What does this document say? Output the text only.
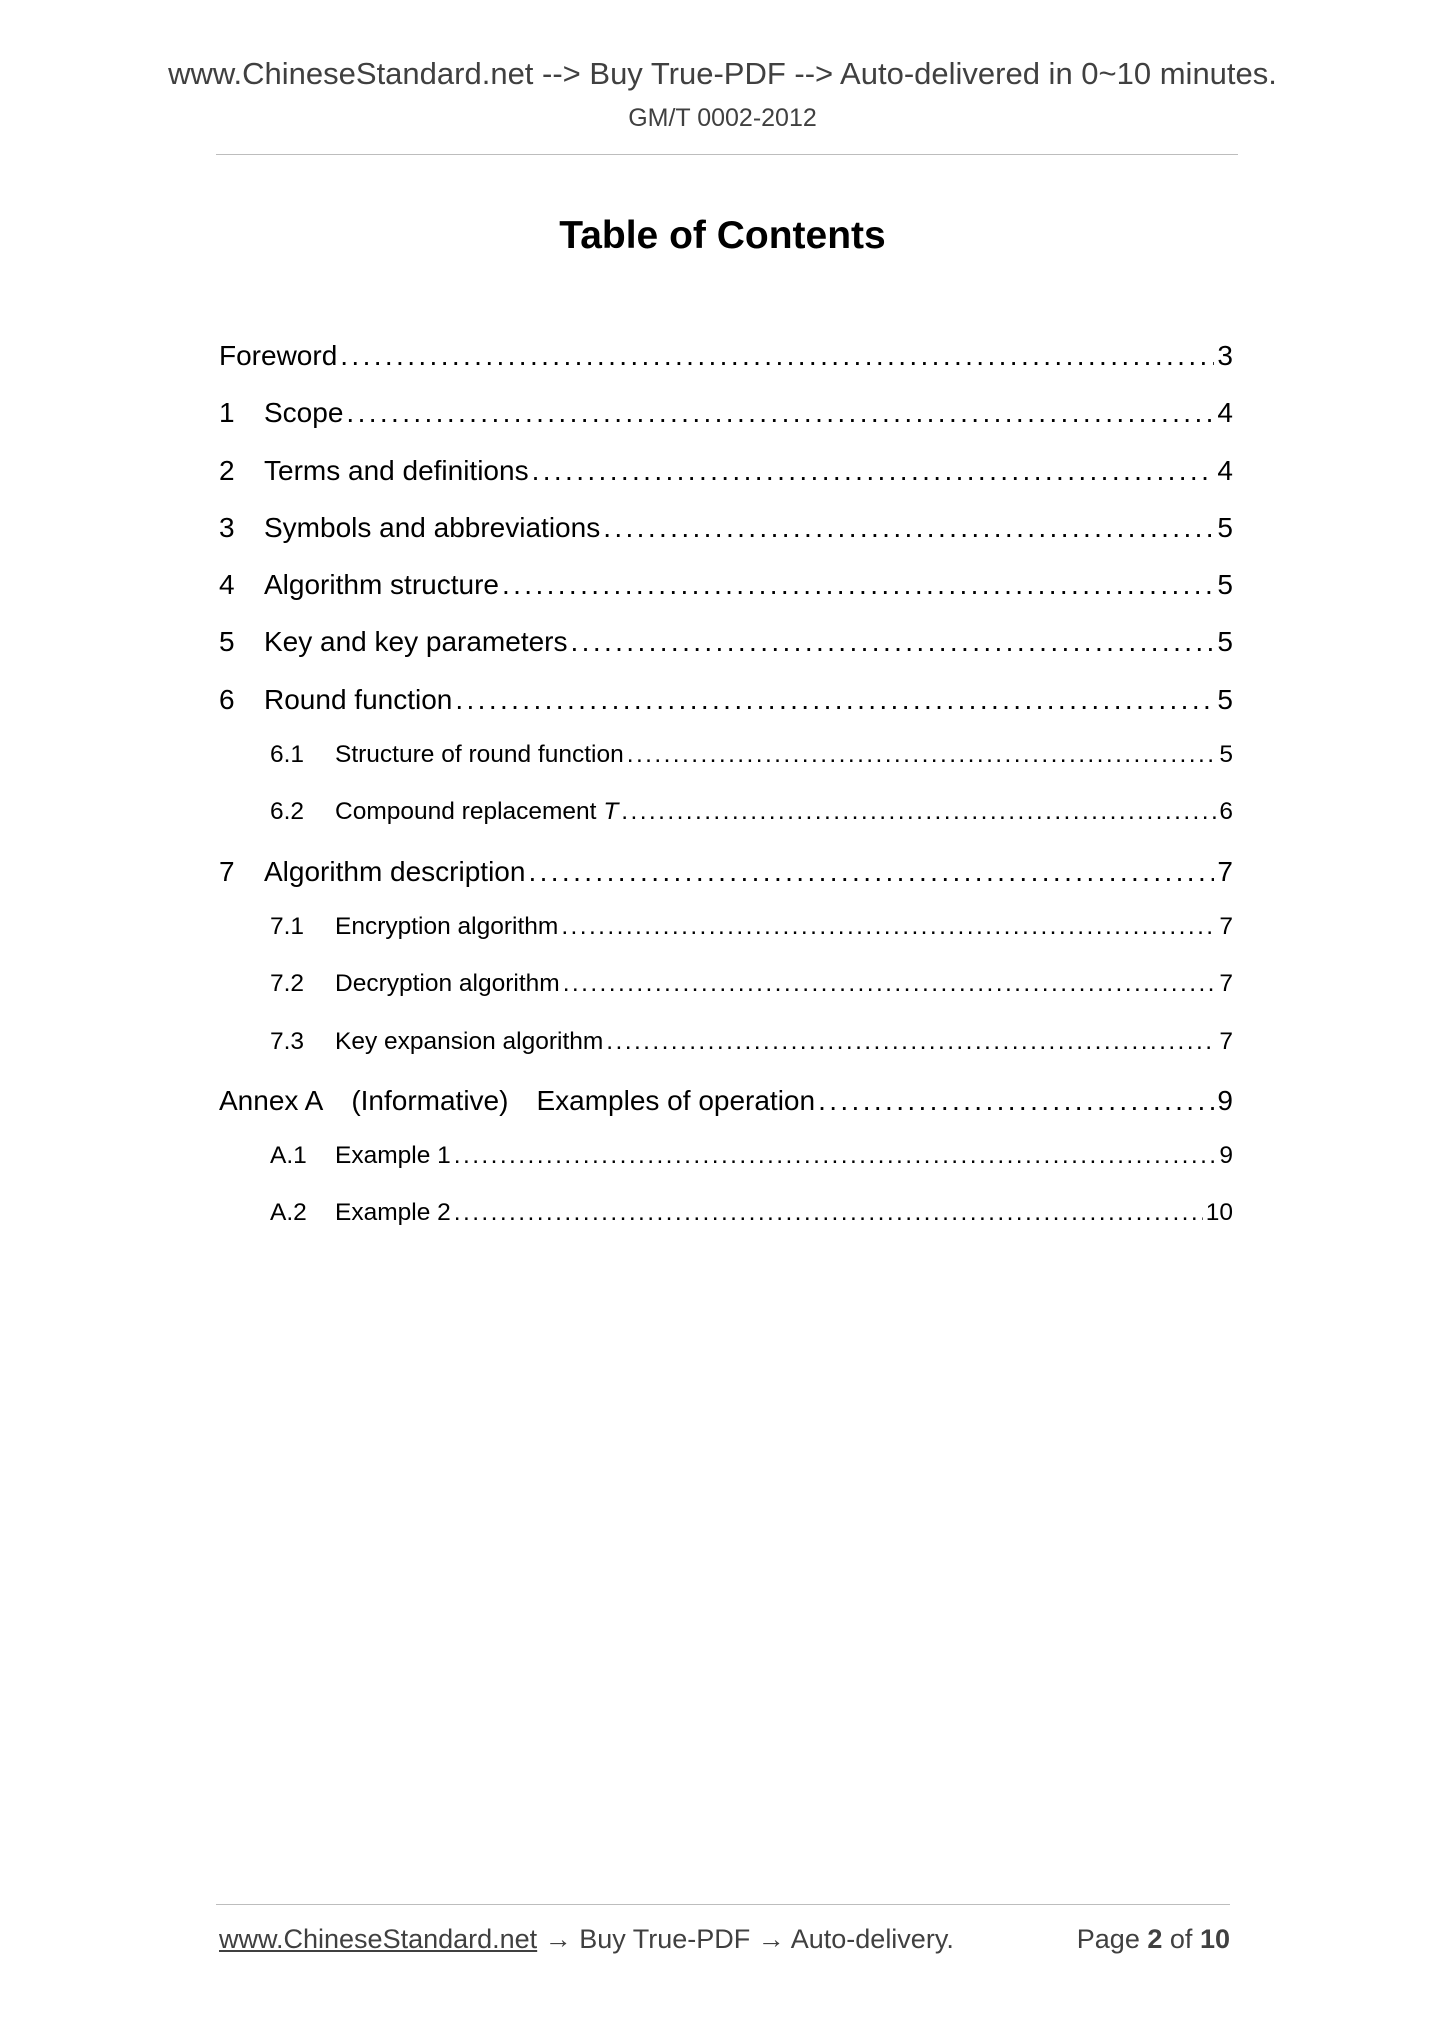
www.ChineseStandard.net --> Buy True-PDF --> Auto-delivered in 0~10 minutes.
GM/T 0002-2012
Table of Contents
Foreword . . .	3
1	Scope . . .	4
2	Terms and definitions . . .	4
3	Symbols and abbreviations . . .	5
4	Algorithm structure . . .	5
5	Key and key parameters . . .	5
6	Round function . . .	5
6.1	Structure of round function . . .	5
6.2	Compound replacement T . . .	6
7	Algorithm description . . .	7
7.1	Encryption algorithm . . .	7
7.2	Decryption algorithm . . .	7
7.3	Key expansion algorithm . . .	7
Annex A (Informative) Examples of operation . . .	9
A.1	Example 1 . . .	9
A.2	Example 2 . . .	10
www.ChineseStandard.net → Buy True-PDF → Auto-delivery.	Page 2 of 10
